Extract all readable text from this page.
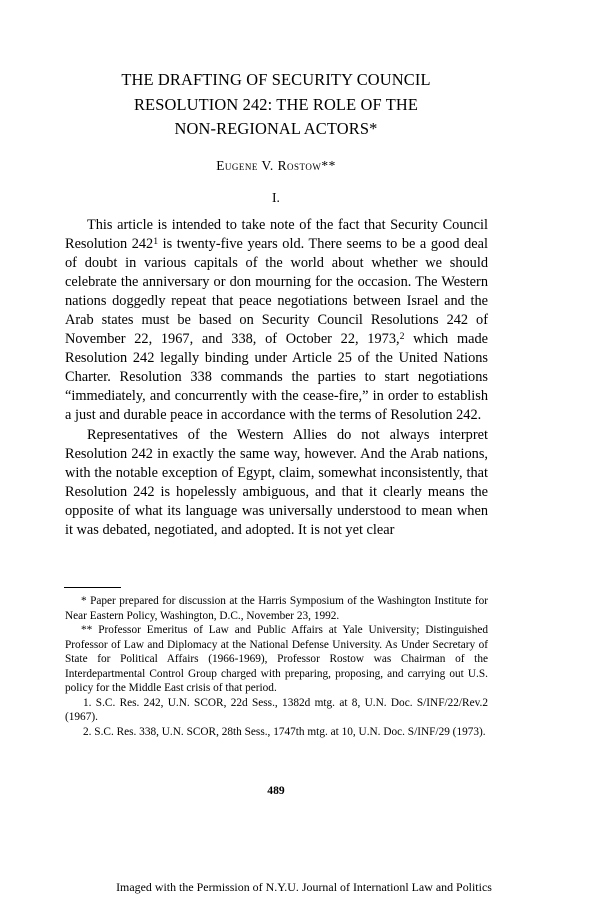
THE DRAFTING OF SECURITY COUNCIL
RESOLUTION 242: THE ROLE OF THE
NON-REGIONAL ACTORS*
Eugene V. Rostow**
I.

This article is intended to take note of the fact that Security Council Resolution $242^1$ is twenty-five years old. There seems to be a good deal of doubt in various capitals of the world about whether we should celebrate the anniversary or don mourning for the occasion. The Western nations doggedly repeat that peace negotiations between Israel and the Arab states must be based on Security Council Resolutions 242 of November 22, 1967, and 338, of October 22, 1973,$^2$ which made Resolution 242 legally binding under Article 25 of the United Nations Charter. Resolution 338 commands the parties to start negotiations “immediately, and concurrently with the cease-fire,” in order to establish a just and durable peace in accordance with the terms of Resolution 242.

Representatives of the Western Allies do not always interpret Resolution 242 in exactly the same way, however. And the Arab nations, with the notable exception of Egypt, claim, somewhat inconsistently, that Resolution 242 is hopelessly ambiguous, and that it clearly means the opposite of what its language was universally understood to mean when it was debated, negotiated, and adopted. It is not yet clear

* Paper prepared for discussion at the Harris Symposium of the Washington Institute for Near Eastern Policy, Washington, D.C., November 23, 1992.

** Professor Emeritus of Law and Public Affairs at Yale University; Distinguished Professor of Law and Diplomacy at the National Defense University. As Under Secretary of State for Political Affairs (1966-1969), Professor Rostow was Chairman of the Interdepartmental Control Group charged with preparing, proposing, and carrying out U.S. policy for the Middle East crisis of that period.

1. S.C. Res. 242, U.N. SCOR, 22d Sess., 1382d mtg. at 8, U.N. Doc. S/INF/22/Rev.2 (1967).

2. S.C. Res. 338, U.N. SCOR, 28th Sess., 1747th mtg. at 10, U.N. Doc. S/INF/29 (1973).

489
Imaged with the Permission of N.Y.U. Journal of Internationl Law and Politics
